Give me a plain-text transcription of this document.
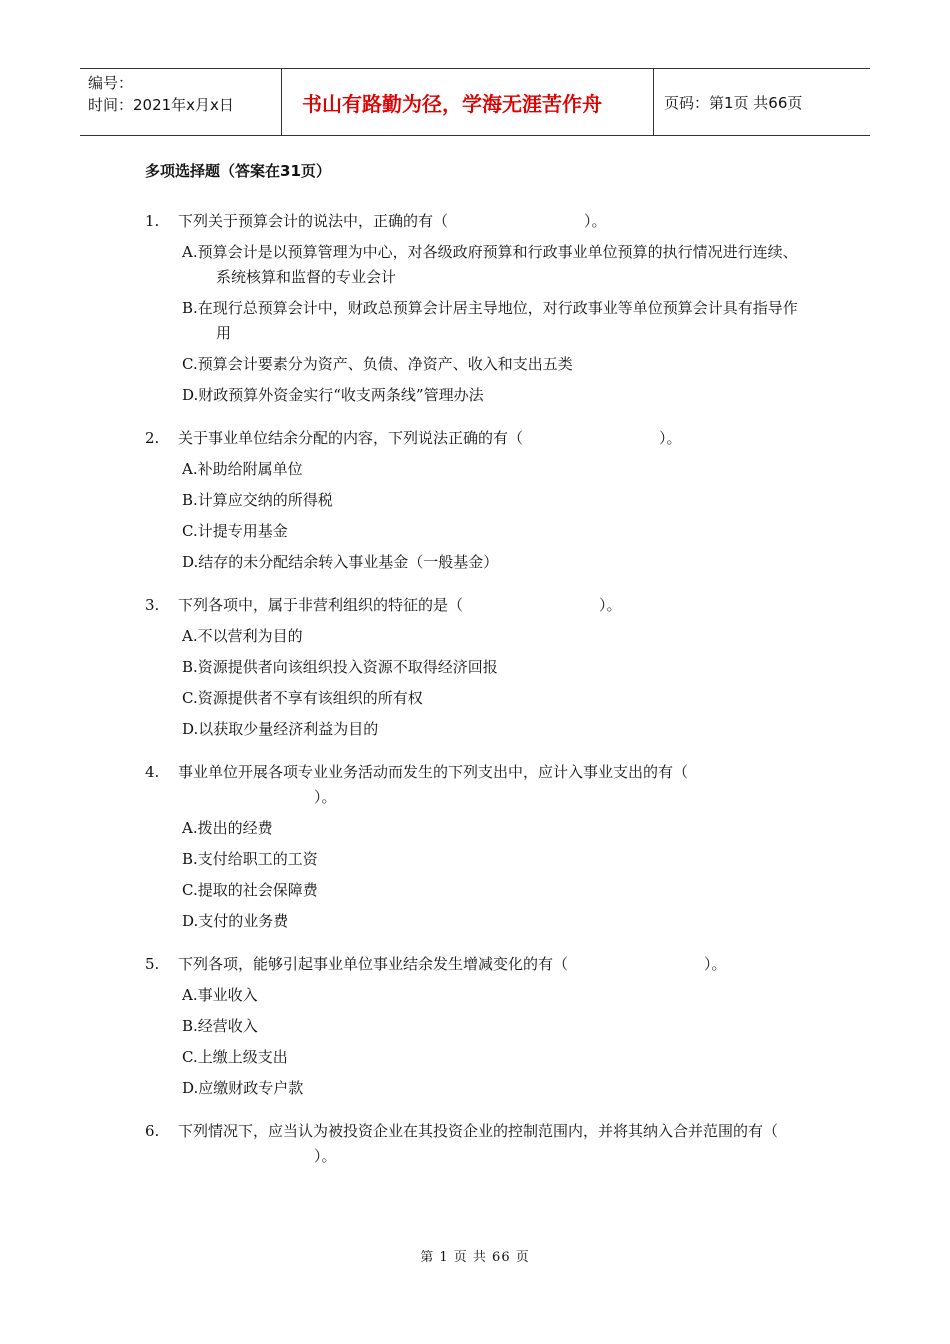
编号：
时间：2021年x月x日	书山有路勤为径，学海无涯苦作舟	页码：第1页 共66页
多项选择题（答案在31页）
1.	下列关于预算会计的说法中，正确的有（	）。
A.预算会计是以预算管理为中心，对各级政府预算和行政事业单位预算的执行情况进行连续、系统核算和监督的专业会计
B.在现行总预算会计中，财政总预算会计居主导地位，对行政事业等单位预算会计具有指导作用
C.预算会计要素分为资产、负债、净资产、收入和支出五类
D.财政预算外资金实行“收支两条线”管理办法
2.	关于事业单位结余分配的内容，下列说法正确的有（	）。
A.补助给附属单位
B.计算应交纳的所得税
C.计提专用基金
D.结存的未分配结余转入事业基金（一般基金）
3.	下列各项中，属于非营利组织的特征的是（	）。
A.不以营利为目的
B.资源提供者向该组织投入资源不取得经济回报
C.资源提供者不享有该组织的所有权
D.以获取少量经济利益为目的
4.	事业单位开展各项专业业务活动而发生的下列支出中，应计入事业支出的有（）。
A.拨出的经费
B.支付给职工的工资
C.提取的社会保障费
D.支付的业务费
5.	下列各项，能够引起事业单位事业结余发生增减变化的有（	）。
A.事业收入
B.经营收入
C.上缴上级支出
D.应缴财政专户款
6.	下列情况下，应当认为被投资企业在其投资企业的控制范围内，并将其纳入合并范围的有（）。
第 1 页 共 66 页
